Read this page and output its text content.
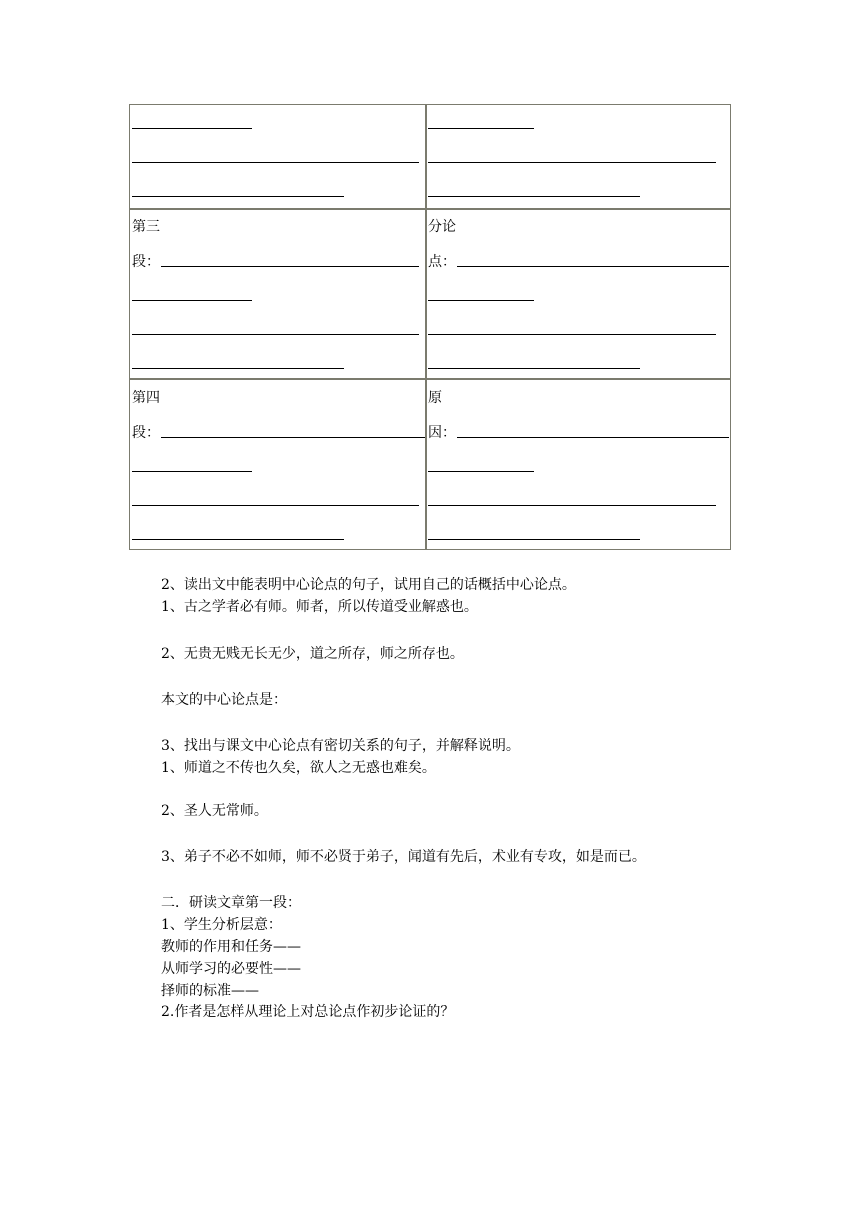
第三
段：
分论
点：
第四
段：
原
因：

2、读出文中能表明中心论点的句子，试用自己的话概括中心论点。

1、古之学者必有师。师者，所以传道受业解惑也。

2、无贵无贱无长无少，道之所存，师之所存也。

本文的中心论点是：

3、找出与课文中心论点有密切关系的句子，并解释说明。

1、师道之不传也久矣，欲人之无惑也难矣。

2、圣人无常师。

3、弟子不必不如师，师不必贤于弟子，闻道有先后，术业有专攻，如是而已。

二．研读文章第一段：

1、学生分析层意：

教师的作用和任务——

从师学习的必要性——

择师的标准——

2.作者是怎样从理论上对总论点作初步论证的？
